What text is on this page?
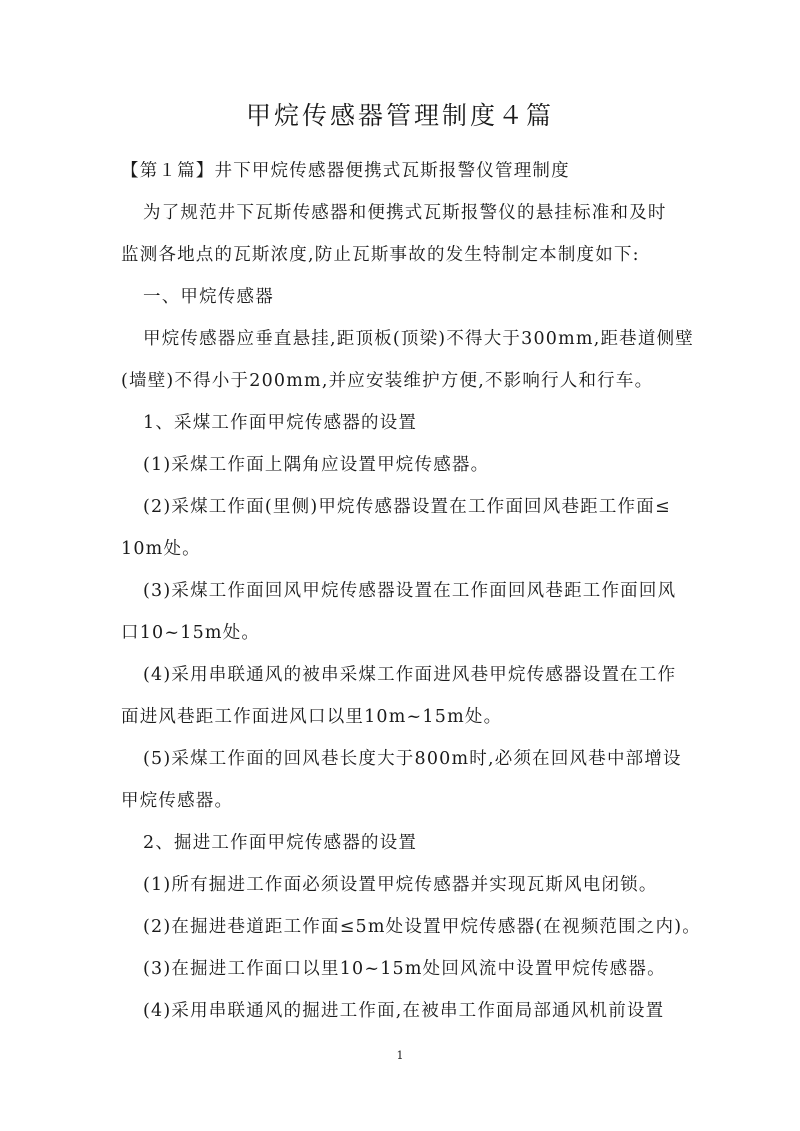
甲烷传感器管理制度４篇
【第１篇】井下甲烷传感器便携式瓦斯报警仪管理制度
为了规范井下瓦斯传感器和便携式瓦斯报警仪的悬挂标准和及时
监测各地点的瓦斯浓度,防止瓦斯事故的发生特制定本制度如下:
一、甲烷传感器
甲烷传感器应垂直悬挂,距顶板(顶梁)不得大于300mm,距巷道侧壁
(墙壁)不得小于200mm,并应安装维护方便,不影响行人和行车。
1、采煤工作面甲烷传感器的设置
(1)采煤工作面上隅角应设置甲烷传感器。
(2)采煤工作面(里侧)甲烷传感器设置在工作面回风巷距工作面≤
10m处。
(3)采煤工作面回风甲烷传感器设置在工作面回风巷距工作面回风
口10~15m处。
(4)采用串联通风的被串采煤工作面进风巷甲烷传感器设置在工作
面进风巷距工作面进风口以里10m~15m处。
(5)采煤工作面的回风巷长度大于800m时,必须在回风巷中部增设
甲烷传感器。
2、掘进工作面甲烷传感器的设置
(1)所有掘进工作面必须设置甲烷传感器并实现瓦斯风电闭锁。
(2)在掘进巷道距工作面≤5m处设置甲烷传感器(在视频范围之内)。
(3)在掘进工作面口以里10~15m处回风流中设置甲烷传感器。
(4)采用串联通风的掘进工作面,在被串工作面局部通风机前设置
1
